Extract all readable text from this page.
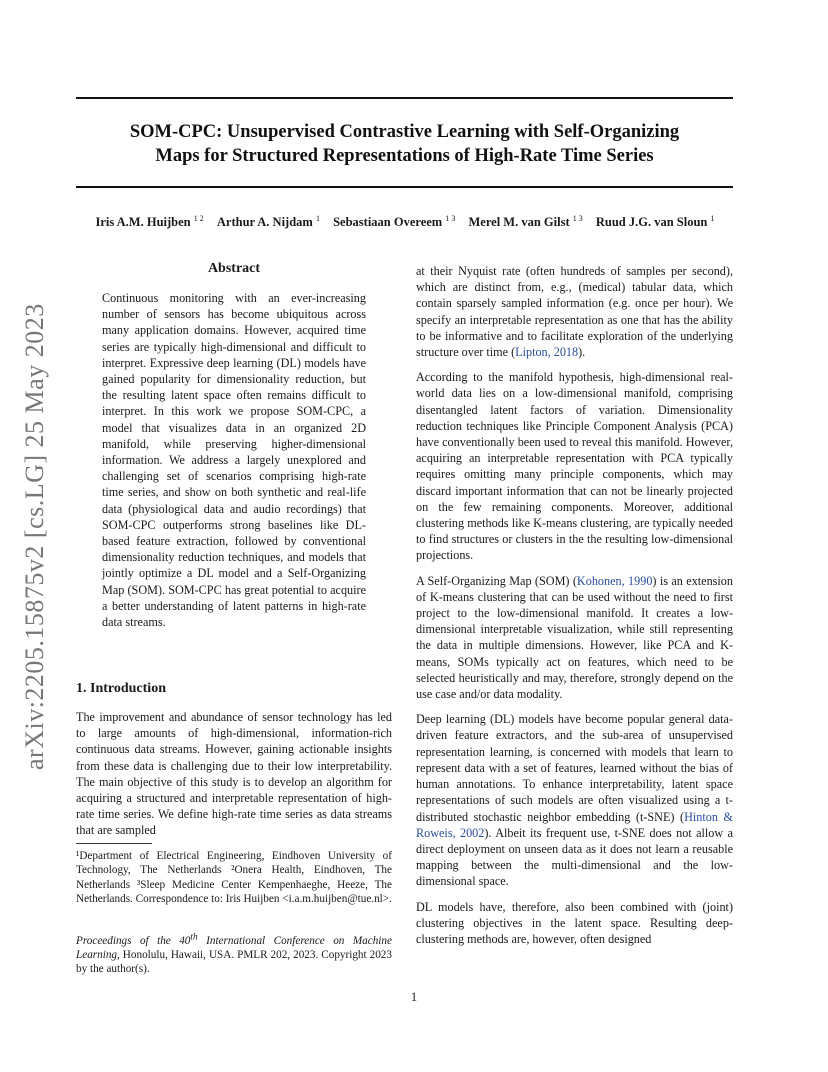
SOM-CPC: Unsupervised Contrastive Learning with Self-Organizing
Maps for Structured Representations of High-Rate Time Series
Iris A.M. Huijben $^{1 2}$ Arthur A. Nijdam $^1$ Sebastiaan Overeem $^{1 3}$ Merel M. van Gilst $^{1 3}$ Ruud J.G. van Sloun $^1$
arXiv:2205.15875v2 [cs.LG] 25 May 2023
Abstract
Continuous monitoring with an ever-increasing number of sensors has become ubiquitous across many application domains. However, acquired time series are typically high-dimensional and difficult to interpret. Expressive deep learning (DL) models have gained popularity for dimensionality reduction, but the resulting latent space often remains difficult to interpret. In this work we propose SOM-CPC, a model that visualizes data in an organized 2D manifold, while preserving higher-dimensional information. We address a largely unexplored and challenging set of scenarios comprising high-rate time series, and show on both synthetic and real-life data (physiological data and audio recordings) that SOM-CPC outperforms strong baselines like DL-based feature extraction, followed by conventional dimensionality reduction techniques, and models that jointly optimize a DL model and a Self-Organizing Map (SOM). SOM-CPC has great potential to acquire a better understanding of latent patterns in high-rate data streams.
1. Introduction

The improvement and abundance of sensor technology has led to large amounts of high-dimensional, information-rich continuous data streams. However, gaining actionable insights from these data is challenging due to their low interpretability. The main objective of this study is to develop an algorithm for acquiring a structured and interpretable representation of high-rate time series. We define high-rate time series as data streams that are sampled

¹Department of Electrical Engineering, Eindhoven University of Technology, The Netherlands ²Onera Health, Eindhoven, The Netherlands ³Sleep Medicine Center Kempenhaeghe, Heeze, The Netherlands. Correspondence to: Iris Huijben <i.a.m.huijben@tue.nl>.
Proceedings of the 40th International Conference on Machine Learning, Honolulu, Hawaii, USA. PMLR 202, 2023. Copyright 2023 by the author(s).

at their Nyquist rate (often hundreds of samples per second), which are distinct from, e.g., (medical) tabular data, which contain sparsely sampled information (e.g. once per hour). We specify an interpretable representation as one that has the ability to be informative and to facilitate exploration of the underlying structure over time (Lipton, 2018).

According to the manifold hypothesis, high-dimensional real-world data lies on a low-dimensional manifold, comprising disentangled latent factors of variation. Dimensionality reduction techniques like Principle Component Analysis (PCA) have conventionally been used to reveal this manifold. However, acquiring an interpretable representation with PCA typically requires omitting many principle components, which may discard important information that can not be linearly projected on the few remaining components. Moreover, additional clustering methods like K-means clustering, are typically needed to find structures or clusters in the the resulting low-dimensional projections.

A Self-Organizing Map (SOM) (Kohonen, 1990) is an extension of K-means clustering that can be used without the need to first project to the low-dimensional manifold. It creates a low-dimensional interpretable visualization, while still representing the data in multiple dimensions. However, like PCA and K-means, SOMs typically act on features, which need to be selected heuristically and may, therefore, strongly depend on the use case and/or data modality.

Deep learning (DL) models have become popular general data-driven feature extractors, and the sub-area of unsupervised representation learning, is concerned with models that learn to represent data with a set of features, learned without the bias of human annotations. To enhance interpretability, latent space representations of such models are often visualized using a t-distributed stochastic neighbor embedding (t-SNE) (Hinton & Roweis, 2002). Albeit its frequent use, t-SNE does not allow a direct deployment on unseen data as it does not learn a reusable mapping between the multi-dimensional and the low-dimensional space.

DL models have, therefore, also been combined with (joint) clustering objectives in the latent space. Resulting deep-clustering methods are, however, often designed

1
